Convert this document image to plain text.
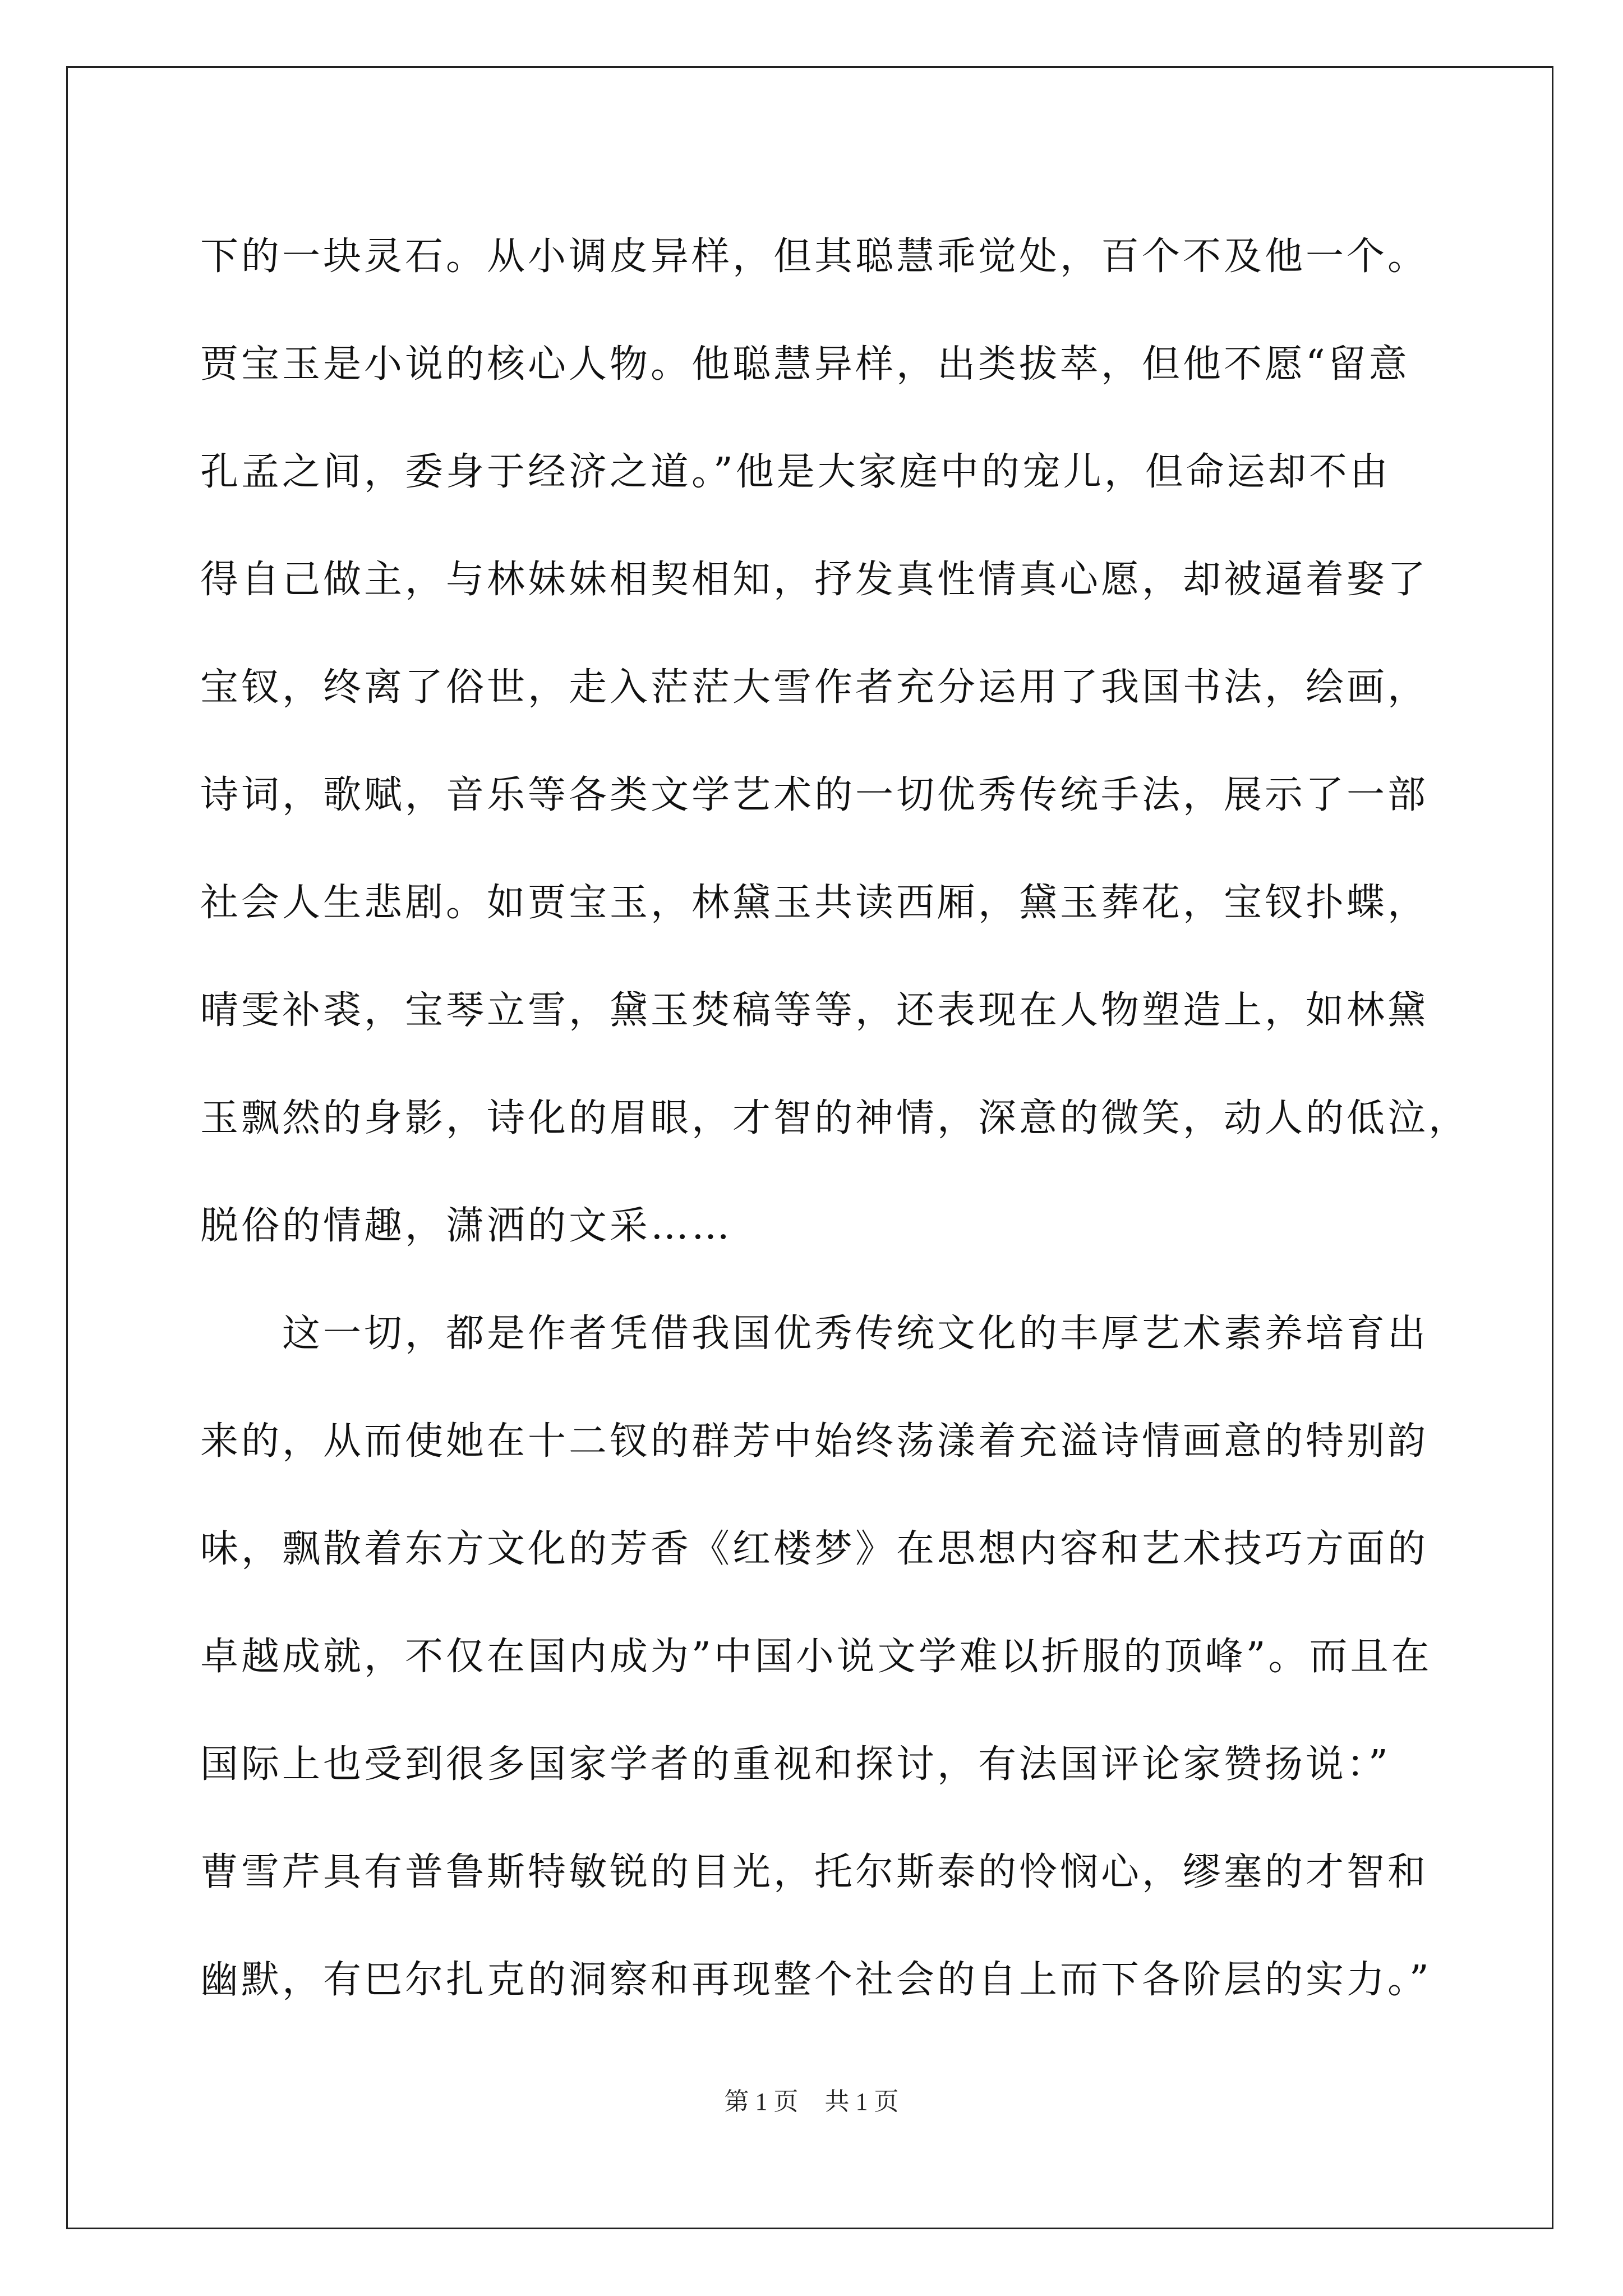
下的一块灵石。从小调皮异样，但其聪慧乖觉处，百个不及他一个。
贾宝玉是小说的核心人物。他聪慧异样，出类拔萃，但他不愿“留意
孔孟之间，委身于经济之道。”他是大家庭中的宠儿，但命运却不由
得自己做主，与林妹妹相契相知，抒发真性情真心愿，却被逼着娶了
宝钗，终离了俗世，走入茫茫大雪作者充分运用了我国书法，绘画，
诗词，歌赋，音乐等各类文学艺术的一切优秀传统手法，展示了一部
社会人生悲剧。如贾宝玉，林黛玉共读西厢，黛玉葬花，宝钗扑蝶，
晴雯补裘，宝琴立雪，黛玉焚稿等等，还表现在人物塑造上，如林黛
玉飘然的身影，诗化的眉眼，才智的神情，深意的微笑，动人的低泣，
脱俗的情趣，潇洒的文采……
　　这一切，都是作者凭借我国优秀传统文化的丰厚艺术素养培育出
来的，从而使她在十二钗的群芳中始终荡漾着充溢诗情画意的特别韵
味，飘散着东方文化的芳香《红楼梦》在思想内容和艺术技巧方面的
卓越成就，不仅在国内成为”中国小说文学难以折服的顶峰”。而且在
国际上也受到很多国家学者的重视和探讨，有法国评论家赞扬说：”
曹雪芹具有普鲁斯特敏锐的目光，托尔斯泰的怜悯心，缪塞的才智和
幽默，有巴尔扎克的洞察和再现整个社会的自上而下各阶层的实力。”
第 1 页 共 1 页
